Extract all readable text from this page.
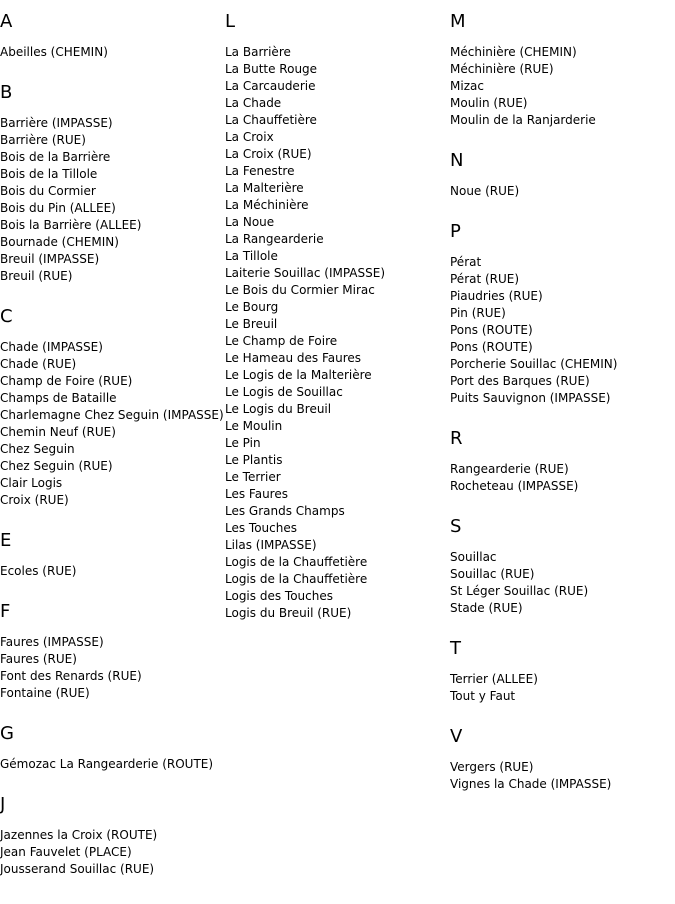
A
Abeilles (CHEMIN)
B
Barrière (IMPASSE)
Barrière (RUE)
Bois de la Barrière
Bois de la Tillole
Bois du Cormier
Bois du Pin (ALLEE)
Bois la Barrière (ALLEE)
Bournade (CHEMIN)
Breuil (IMPASSE)
Breuil (RUE)
C
Chade (IMPASSE)
Chade (RUE)
Champ de Foire (RUE)
Champs de Bataille
Charlemagne Chez Seguin (IMPASSE)
Chemin Neuf (RUE)
Chez Seguin
Chez Seguin (RUE)
Clair Logis
Croix (RUE)
E
Ecoles (RUE)
F
Faures (IMPASSE)
Faures (RUE)
Font des Renards (RUE)
Fontaine (RUE)
G
Gémozac La Rangearderie (ROUTE)
J
Jazennes la Croix (ROUTE)
Jean Fauvelet (PLACE)
Jousserand Souillac (RUE)
L
La Barrière
La Butte Rouge
La Carcauderie
La Chade
La Chauffetière
La Croix
La Croix (RUE)
La Fenestre
La Malterière
La Méchinière
La Noue
La Rangearderie
La Tillole
Laiterie Souillac (IMPASSE)
Le Bois du Cormier Mirac
Le Bourg
Le Breuil
Le Champ de Foire
Le Hameau des Faures
Le Logis de la Malterière
Le Logis de Souillac
Le Logis du Breuil
Le Moulin
Le Pin
Le Plantis
Le Terrier
Les Faures
Les Grands Champs
Les Touches
Lilas (IMPASSE)
Logis de la Chauffetière
Logis de la Chauffetière
Logis des Touches
Logis du Breuil (RUE)
M
Méchinière (CHEMIN)
Méchinière (RUE)
Mizac
Moulin (RUE)
Moulin de la Ranjarderie
N
Noue (RUE)
P
Pérat
Pérat (RUE)
Piaudries (RUE)
Pin (RUE)
Pons (ROUTE)
Pons (ROUTE)
Porcherie Souillac (CHEMIN)
Port des Barques (RUE)
Puits Sauvignon (IMPASSE)
R
Rangearderie (RUE)
Rocheteau (IMPASSE)
S
Souillac
Souillac (RUE)
St Léger Souillac (RUE)
Stade (RUE)
T
Terrier (ALLEE)
Tout y Faut
V
Vergers (RUE)
Vignes la Chade (IMPASSE)
